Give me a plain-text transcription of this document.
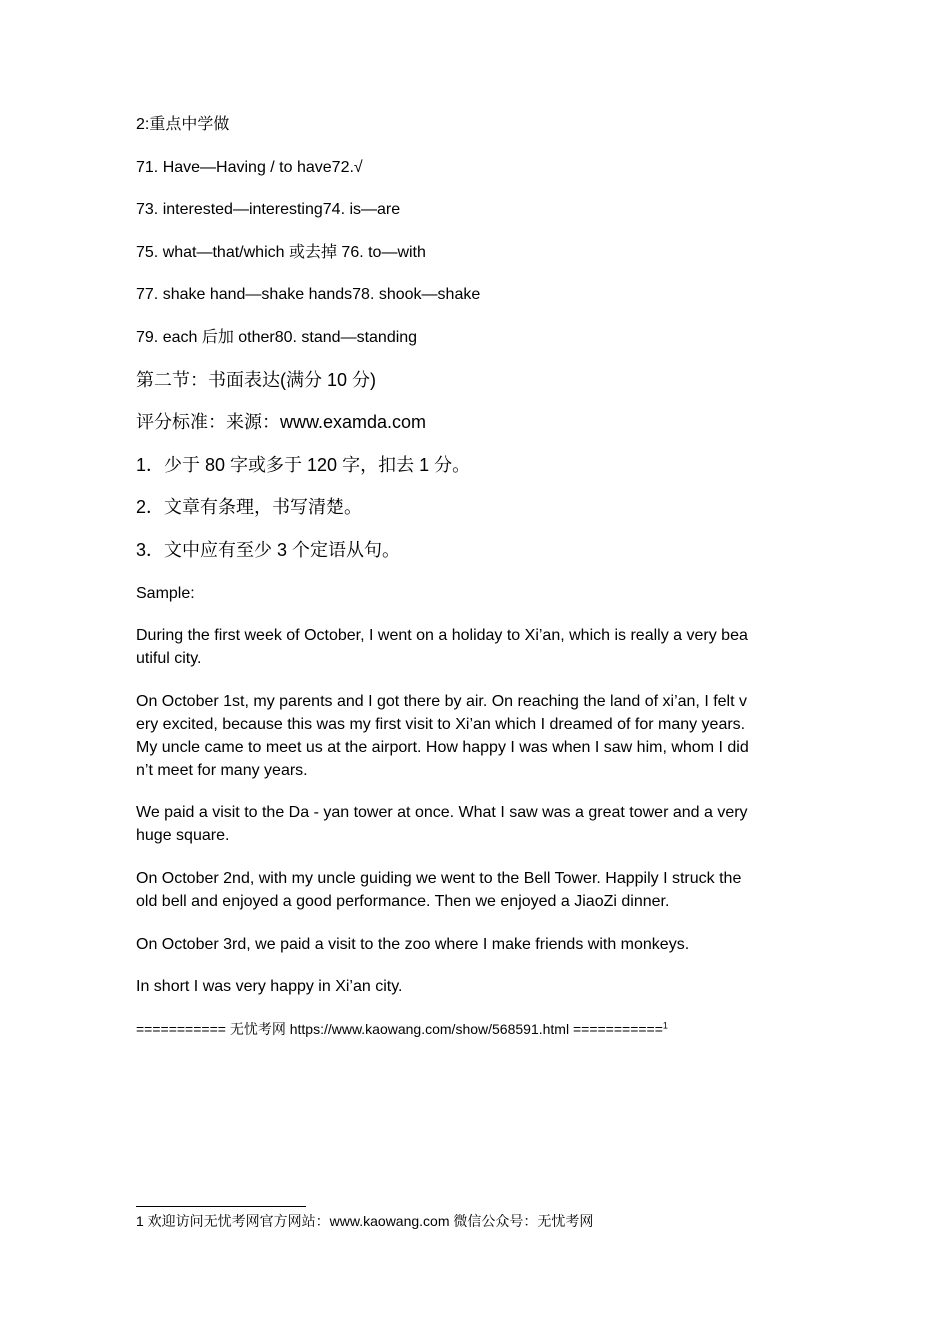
2:重点中学做
71. Have—Having / to have72.√
73. interested—interesting74. is—are
75. what—that/which 或去掉 76. to—with
77. shake hand—shake hands78. shook—shake
79. each 后加 other80. stand—standing
第二节：书面表达(满分 10 分)
评分标准：来源：www.examda.com
1．少于 80 字或多于 120 字，扣去 1 分。
2．文章有条理，书写清楚。
3．文中应有至少 3 个定语从句。
Sample:
During the first week of October, I went on a holiday to Xi’an, which is really a very bea
utiful city.
On October 1st, my parents and I got there by air. On reaching the land of xi’an, I felt v
ery excited, because this was my first visit to Xi’an which I dreamed of for many years.
My uncle came to meet us at the airport. How happy I was when I saw him, whom I did
n’t meet for many years.
We paid a visit to the Da - yan tower at once. What I saw was a great tower and a very
huge square.
On October 2nd, with my uncle guiding we went to the Bell Tower. Happily I struck the
old bell and enjoyed a good performance. Then we enjoyed a JiaoZi dinner.
On October 3rd, we paid a visit to the zoo where I make friends with monkeys.
In short I was very happy in Xi’an city.
=========== 无忧考网 https://www.kaowang.com/show/568591.html ===========$^1$
1 欢迎访问无忧考网官方网站：www.kaowang.com 微信公众号：无忧考网
